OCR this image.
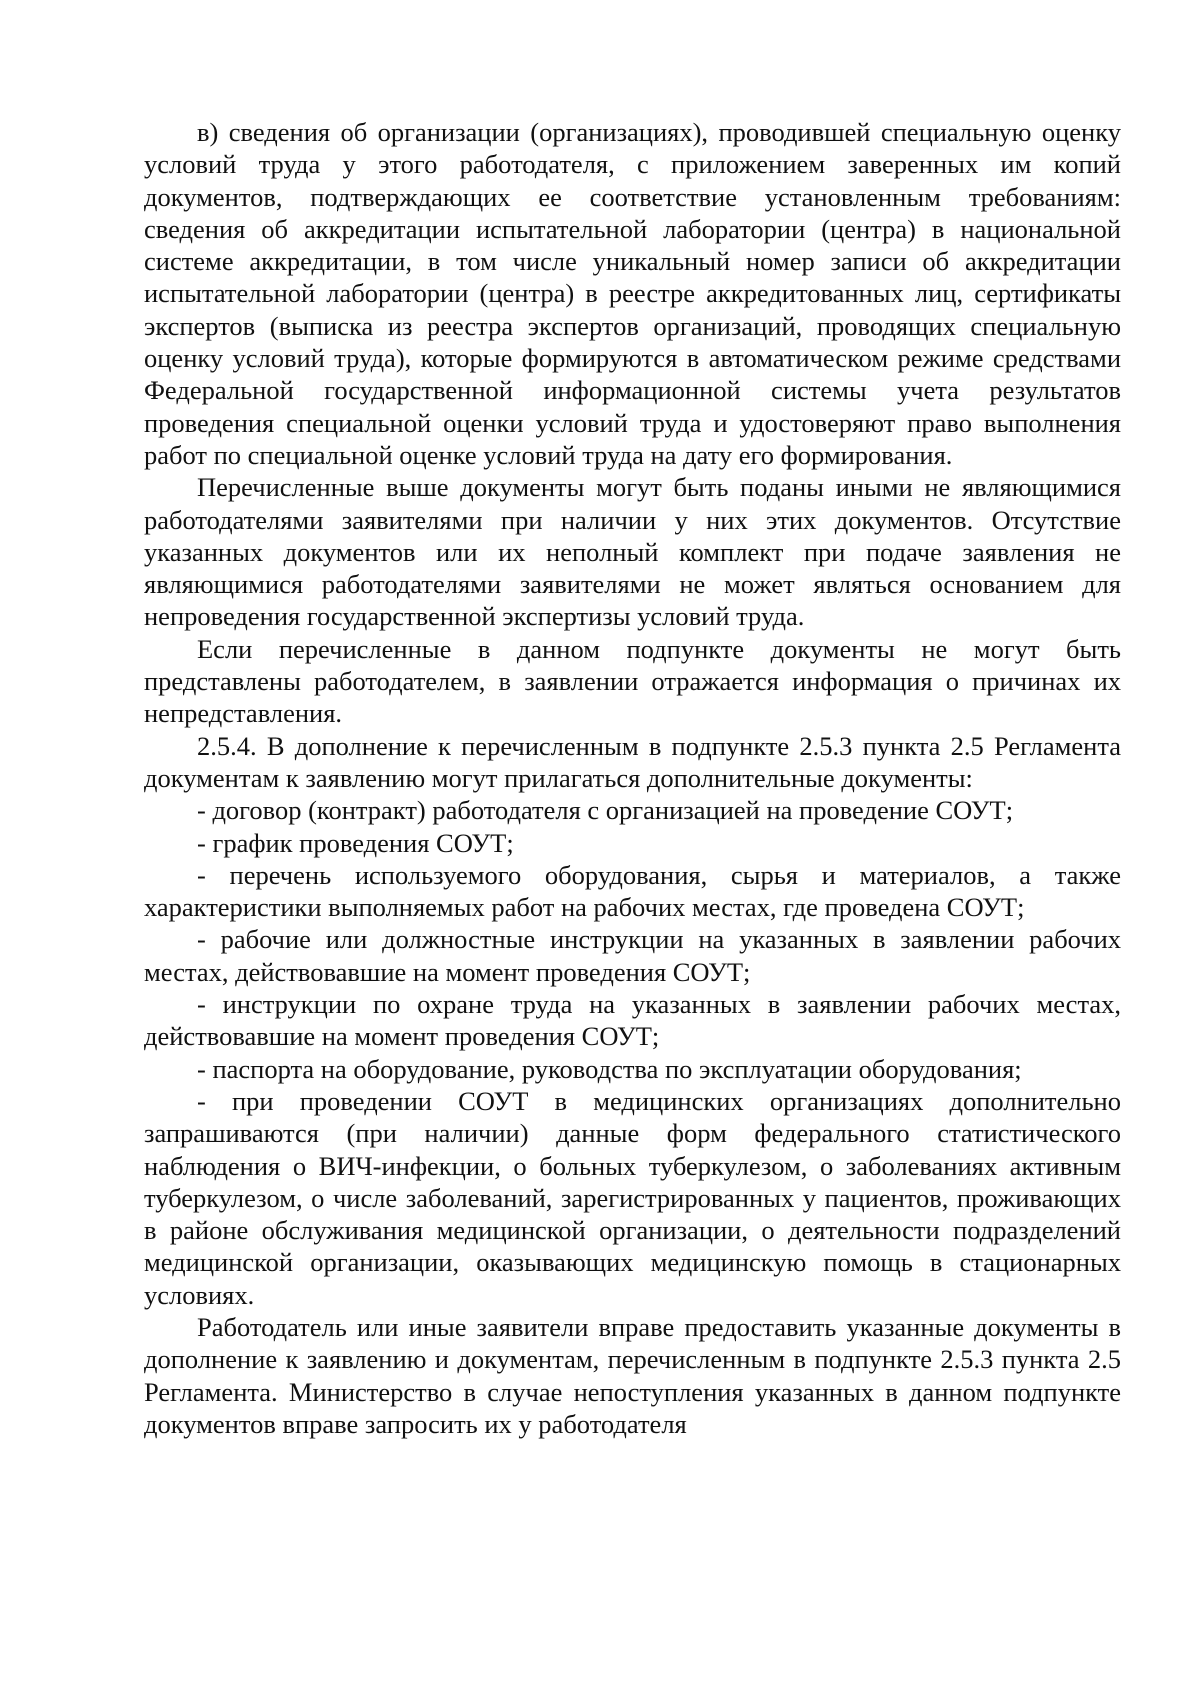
в) сведения об организации (организациях), проводившей специальную оценку условий труда у этого работодателя, с приложением заверенных им копий документов, подтверждающих ее соответствие установленным требованиям: сведения об аккредитации испытательной лаборатории (центра) в национальной системе аккредитации, в том числе уникальный номер записи об аккредитации испытательной лаборатории (центра) в реестре аккредитованных лиц, сертификаты экспертов (выписка из реестра экспертов организаций, проводящих специальную оценку условий труда), которые формируются в автоматическом режиме средствами Федеральной государственной информационной системы учета результатов проведения специальной оценки условий труда и удостоверяют право выполнения работ по специальной оценке условий труда на дату его формирования.

Перечисленные выше документы могут быть поданы иными не являющимися работодателями заявителями при наличии у них этих документов. Отсутствие указанных документов или их неполный комплект при подаче заявления не являющимися работодателями заявителями не может являться основанием для непроведения государственной экспертизы условий труда.

Если перечисленные в данном подпункте документы не могут быть представлены работодателем, в заявлении отражается информация о причинах их непредставления.

2.5.4. В дополнение к перечисленным в подпункте 2.5.3 пункта 2.5 Регламента документам к заявлению могут прилагаться дополнительные документы:

- договор (контракт) работодателя с организацией на проведение СОУТ;

- график проведения СОУТ;

- перечень используемого оборудования, сырья и материалов, а также характеристики выполняемых работ на рабочих местах, где проведена СОУТ;

- рабочие или должностные инструкции на указанных в заявлении рабочих местах, действовавшие на момент проведения СОУТ;

- инструкции по охране труда на указанных в заявлении рабочих местах, действовавшие на момент проведения СОУТ;

- паспорта на оборудование, руководства по эксплуатации оборудования;

- при проведении СОУТ в медицинских организациях дополнительно запрашиваются (при наличии) данные форм федерального статистического наблюдения о ВИЧ-инфекции, о больных туберкулезом, о заболеваниях активным туберкулезом, о числе заболеваний, зарегистрированных у пациентов, проживающих в районе обслуживания медицинской организации, о деятельности подразделений медицинской организации, оказывающих медицинскую помощь в стационарных условиях.

Работодатель или иные заявители вправе предоставить указанные документы в дополнение к заявлению и документам, перечисленным в подпункте 2.5.3 пункта 2.5 Регламента. Министерство в случае непоступления указанных в данном подпункте документов вправе запросить их у работодателя
